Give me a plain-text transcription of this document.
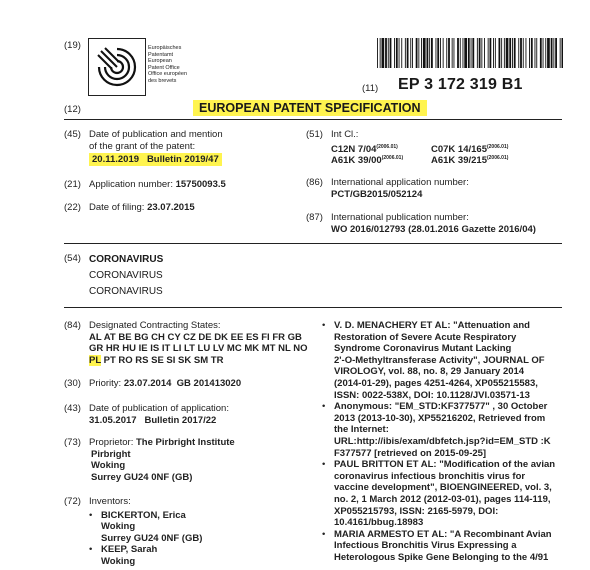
(19)	Europäisches
Patentamt
European
Patent Office
Office européen
des brevets
(11) EP 3 172 319 B1
(12)	EUROPEAN PATENT SPECIFICATION
(45) Date of publication and mention
of the grant of the patent:
20.11.2019   Bulletin 2019/47
(21) Application number: 15750093.5
(22) Date of filing: 23.07.2015
(51) Int Cl.:
C12N $7/04^{(2006.01)}$	C07K $14/165^{(2006.01)}$
A61K $39/00^{(2006.01)}$	A61K $39/215^{(2006.01)}$
(86) International application number:
PCT/GB2015/052124
(87) International publication number:
WO 2016/012793 (28.01.2016 Gazette 2016/04)
(54) CORONAVIRUS
CORONAVIRUS
CORONAVIRUS
(84) Designated Contracting States:
AL AT BE BG CH CY CZ DE DK EE ES FI FR GB
GR HR HU IE IS IT LI LT LU LV MC MK MT NL NO
PL PT RO RS SE SI SK SM TR
(30) Priority: 23.07.2014  GB 201413020
(43) Date of publication of application:
31.05.2017   Bulletin 2017/22
(73) Proprietor: The Pirbright Institute
Pirbright
Woking
Surrey GU24 0NF (GB)
(72) Inventors:
• BICKERTON, Erica
Woking
Surrey GU24 0NF (GB)
• KEEP, Sarah
Woking
• V. D. MENACHERY ET AL: "Attenuation and
Restoration of Severe Acute Respiratory
Syndrome Coronavirus Mutant Lacking
2'-O-Methyltransferase Activity", JOURNAL OF
VIROLOGY, vol. 88, no. 8, 29 January 2014
(2014-01-29), pages 4251-4264, XP055215583,
ISSN: 0022-538X, DOI: 10.1128/JVI.03571-13
• Anonymous: "EM_STD:KF377577" , 30 October
2013 (2013-10-30), XP55216202, Retrieved from
the Internet:
URL:http://ibis/exam/dbfetch.jsp?id=EM_STD :K
F377577 [retrieved on 2015-09-25]
• PAUL BRITTON ET AL: "Modification of the avian
coronavirus infectious bronchitis virus for
vaccine development", BIOENGINEERED, vol. 3,
no. 2, 1 March 2012 (2012-03-01), pages 114-119,
XP055215793, ISSN: 2165-5979, DOI:
10.4161/bbug.18983
• MARIA ARMESTO ET AL: "A Recombinant Avian
Infectious Bronchitis Virus Expressing a
Heterologous Spike Gene Belonging to the 4/91
